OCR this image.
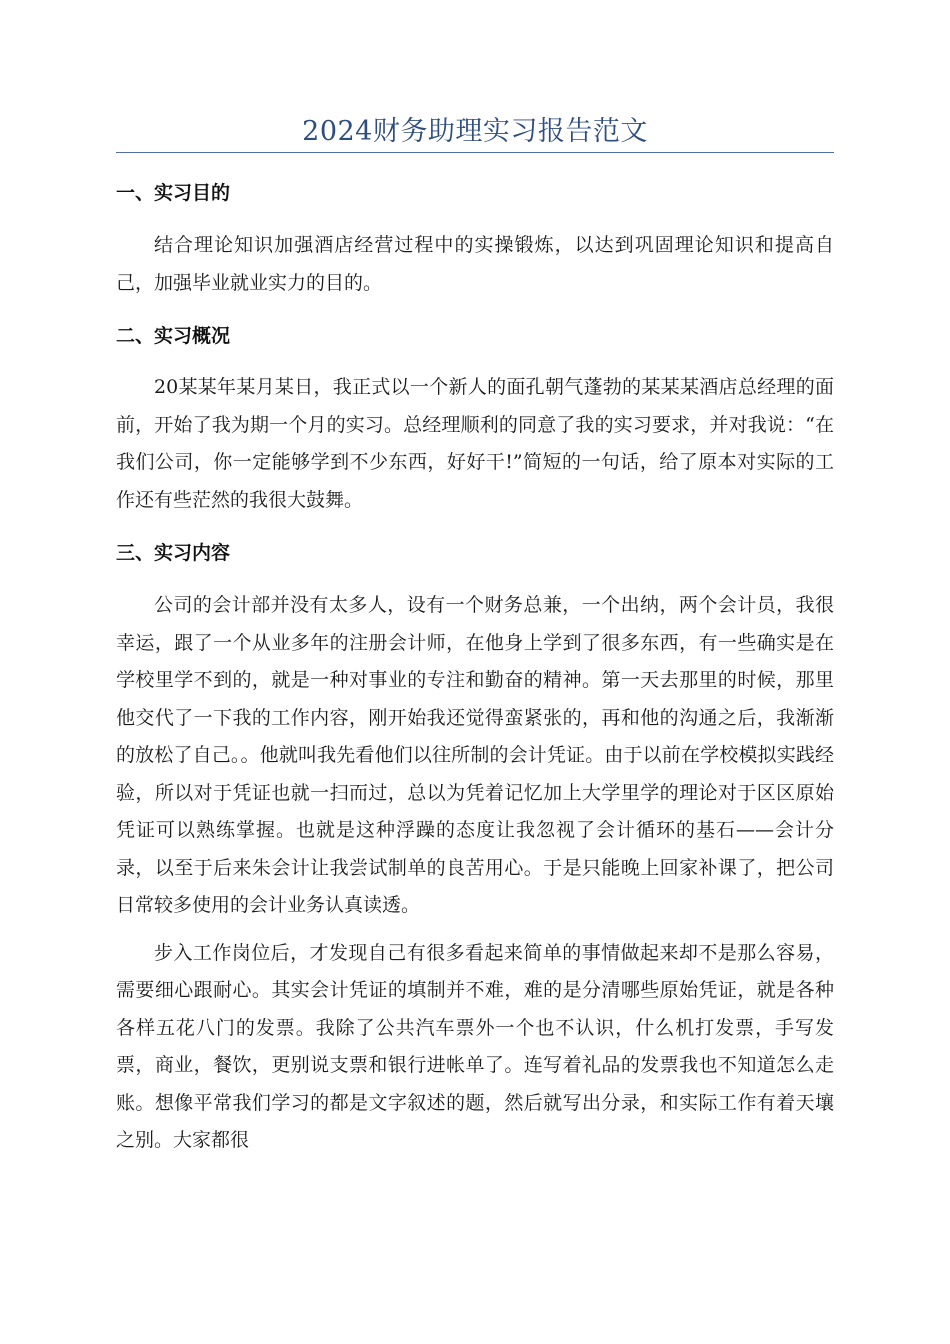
2024财务助理实习报告范文
一、实习目的

结合理论知识加强酒店经营过程中的实操锻炼，以达到巩固理论知识和提高自己，加强毕业就业实力的目的。

二、实习概况

20某某年某月某日，我正式以一个新人的面孔朝气蓬勃的某某某酒店总经理的面前，开始了我为期一个月的实习。总经理顺利的同意了我的实习要求，并对我说：“在我们公司，你一定能够学到不少东西，好好干!”简短的一句话，给了原本对实际的工作还有些茫然的我很大鼓舞。

三、实习内容

公司的会计部并没有太多人，设有一个财务总兼，一个出纳，两个会计员，我很幸运，跟了一个从业多年的注册会计师，在他身上学到了很多东西，有一些确实是在学校里学不到的，就是一种对事业的专注和勤奋的精神。第一天去那里的时候，那里他交代了一下我的工作内容，刚开始我还觉得蛮紧张的，再和他的沟通之后，我渐渐的放松了自己。。他就叫我先看他们以往所制的会计凭证。由于以前在学校模拟实践经验，所以对于凭证也就一扫而过，总以为凭着记忆加上大学里学的理论对于区区原始凭证可以熟练掌握。也就是这种浮躁的态度让我忽视了会计循环的基石——会计分录，以至于后来朱会计让我尝试制单的良苦用心。于是只能晚上回家补课了，把公司日常较多使用的会计业务认真读透。

步入工作岗位后，才发现自己有很多看起来简单的事情做起来却不是那么容易，需要细心跟耐心。其实会计凭证的填制并不难，难的是分清哪些原始凭证，就是各种各样五花八门的发票。我除了公共汽车票外一个也不认识，什么机打发票，手写发票，商业，餐饮，更别说支票和银行进帐单了。连写着礼品的发票我也不知道怎么走账。想像平常我们学习的都是文字叙述的题，然后就写出分录，和实际工作有着天壤之别。大家都很
